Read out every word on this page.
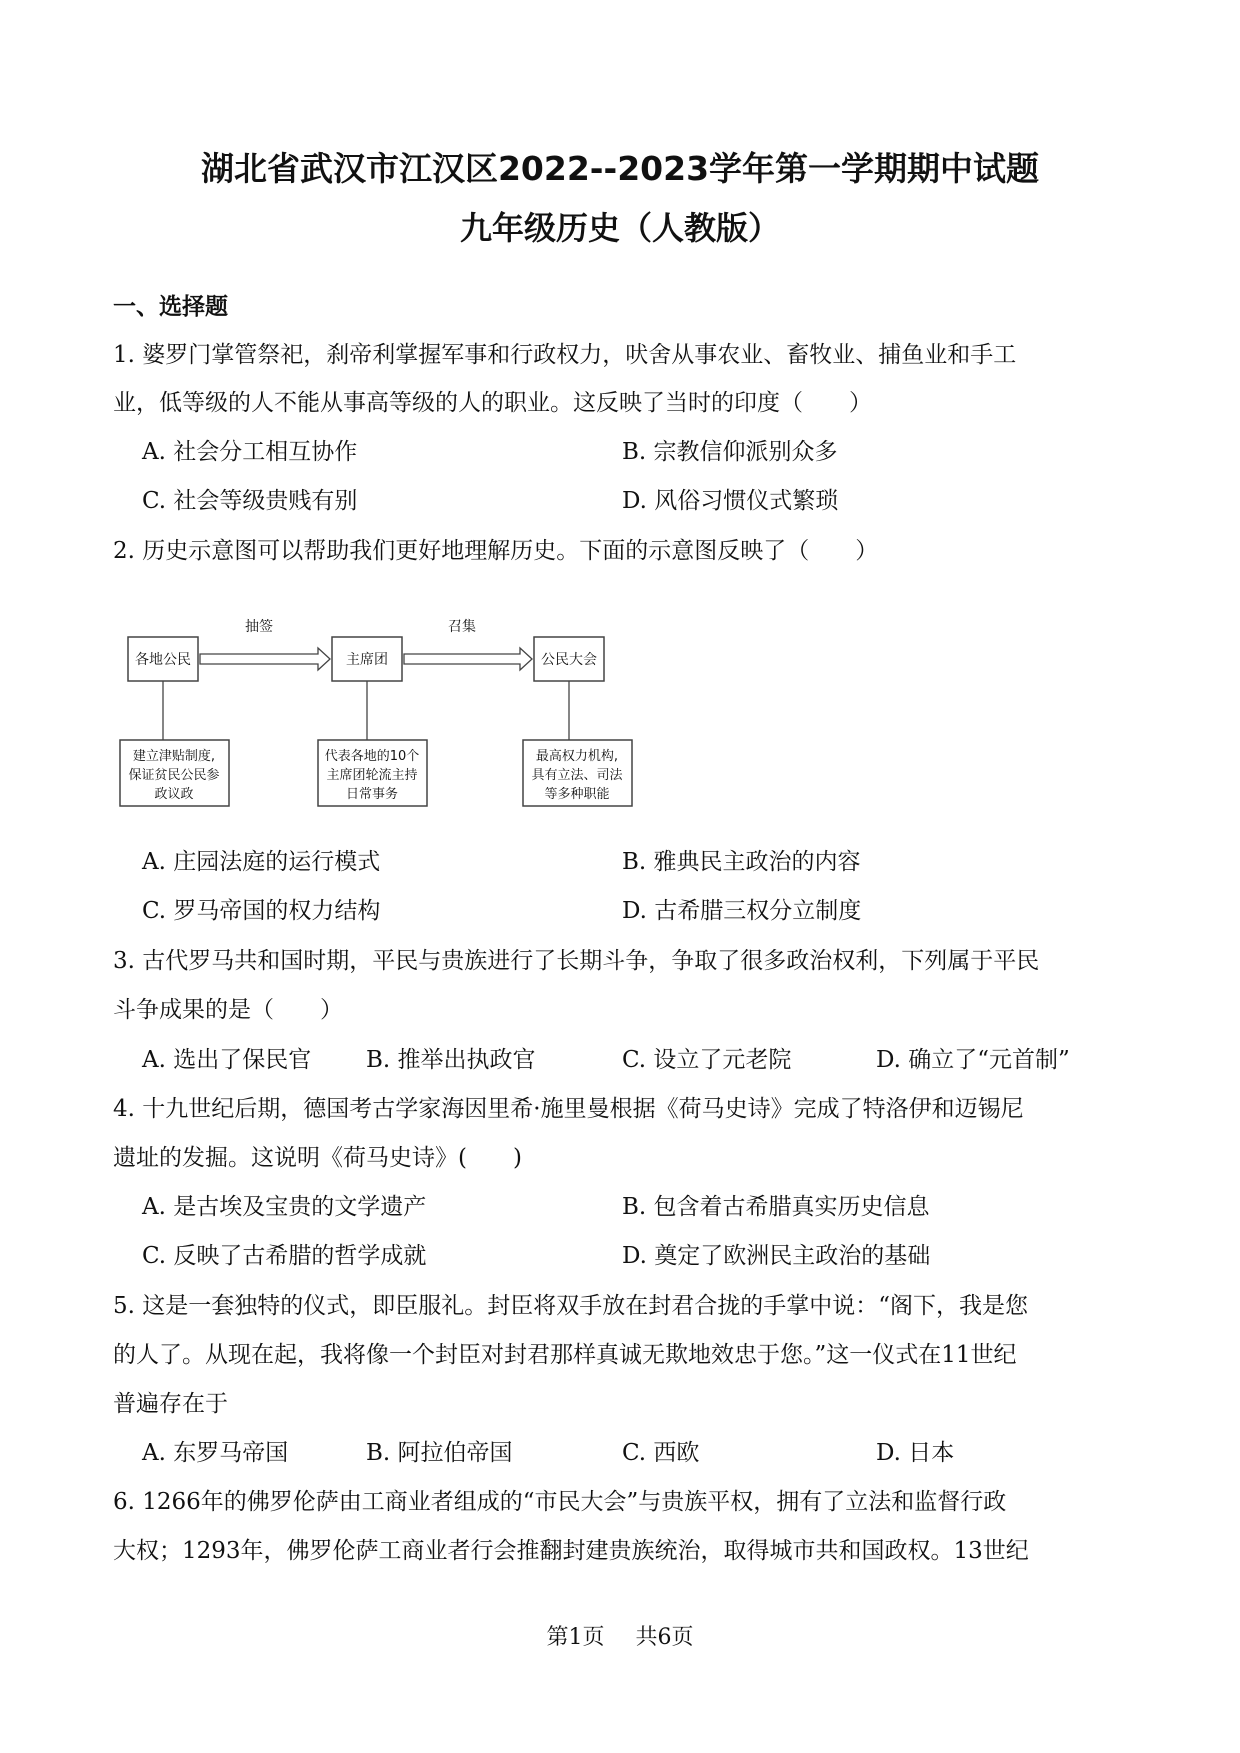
湖北省武汉市江汉区2022--2023学年第一学期期中试题
九年级历史（人教版）
一、选择题

1. 婆罗门掌管祭祀，刹帝利掌握军事和行政权力，吠舍从事农业、畜牧业、捕鱼业和手工

业，低等级的人不能从事高等级的人的职业。这反映了当时的印度（　　）

A. 社会分工相互协作	B. 宗教信仰派别众多
C. 社会等级贵贱有别	D. 风俗习惯仪式繁琐

2. 历史示意图可以帮助我们更好地理解历史。下面的示意图反映了（　　）

各地公民	主席团	公民大会
抽签	召集
建立津贴制度,
保证贫民公民参
政议政
代表各地的10个
主席团轮流主持
日常事务
最高权力机构,
具有立法、司法
等多种职能
A. 庄园法庭的运行模式	B. 雅典民主政治的内容
C. 罗马帝国的权力结构	D. 古希腊三权分立制度

3. 古代罗马共和国时期，平民与贵族进行了长期斗争，争取了很多政治权利，下列属于平民

斗争成果的是（　　）

A. 选出了保民官 B. 推举出执政官	C. 设立了元老院	D. 确立了“元首制”

4. 十九世纪后期，德国考古学家海因里希·施里曼根据《荷马史诗》完成了特洛伊和迈锡尼

遗址的发掘。这说明《荷马史诗》(　　)

A. 是古埃及宝贵的文学遗产	B. 包含着古希腊真实历史信息
C. 反映了古希腊的哲学成就	D. 奠定了欧洲民主政治的基础

5. 这是一套独特的仪式，即臣服礼。封臣将双手放在封君合拢的手掌中说：“阁下，我是您

的人了。从现在起，我将像一个封臣对封君那样真诚无欺地效忠于您。”这一仪式在11世纪

普遍存在于

A. 东罗马帝国	B. 阿拉伯帝国	C. 西欧	D. 日本

6. 1266年的佛罗伦萨由工商业者组成的“市民大会”与贵族平权，拥有了立法和监督行政

大权；1293年，佛罗伦萨工商业者行会推翻封建贵族统治，取得城市共和国政权。13世纪

第1页 共6页
